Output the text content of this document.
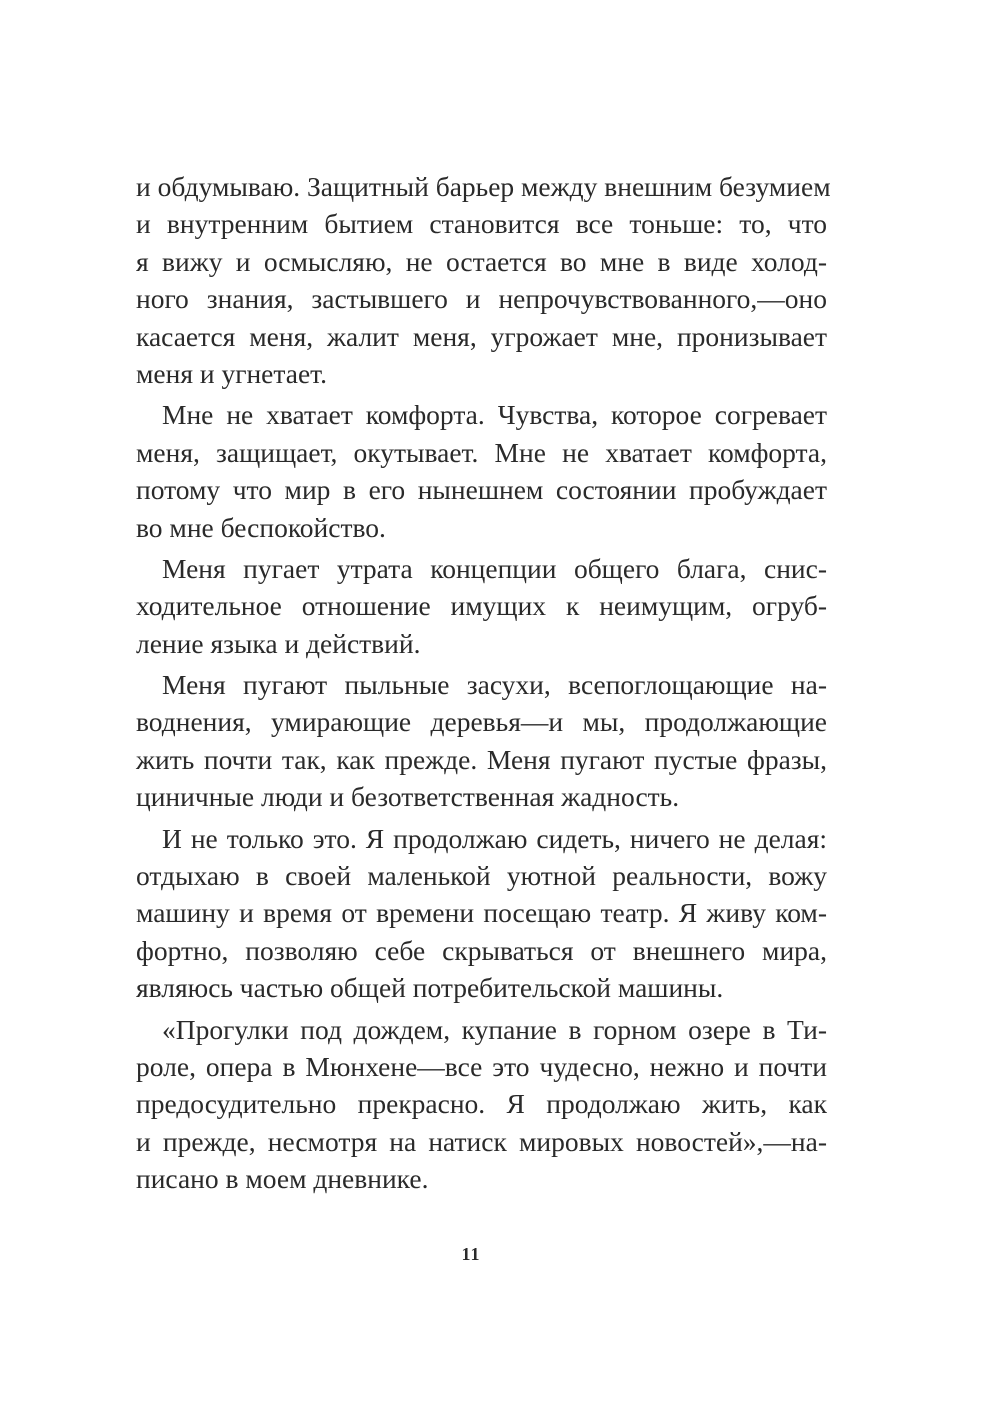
и обдумываю. Защитный барьер между внешним безумием
и внутренним бытием становится все тоньше: то, что
я вижу и осмысляю, не остается во мне в виде холод-
ного знания, застывшего и непрочувствованного,—оно
касается меня, жалит меня, угрожает мне, пронизывает
меня и угнетает.
Мне не хватает комфорта. Чувства, которое согревает
меня, защищает, окутывает. Мне не хватает комфорта,
потому что мир в его нынешнем состоянии пробуждает
во мне беспокойство.
Меня пугает утрата концепции общего блага, снис-
ходительное отношение имущих к неимущим, огруб-
ление языка и действий.
Меня пугают пыльные засухи, всепоглощающие на-
воднения, умирающие деревья—и мы, продолжающие
жить почти так, как прежде. Меня пугают пустые фразы,
циничные люди и безответственная жадность.
И не только это. Я продолжаю сидеть, ничего не делая:
отдыхаю в своей маленькой уютной реальности, вожу
машину и время от времени посещаю театр. Я живу ком-
фортно, позволяю себе скрываться от внешнего мира,
являюсь частью общей потребительской машины.
«Прогулки под дождем, купание в горном озере в Ти-
роле, опера в Мюнхене—все это чудесно, нежно и почти
предосудительно прекрасно. Я продолжаю жить, как
и прежде, несмотря на натиск мировых новостей»,—на-
писано в моем дневнике.
11
